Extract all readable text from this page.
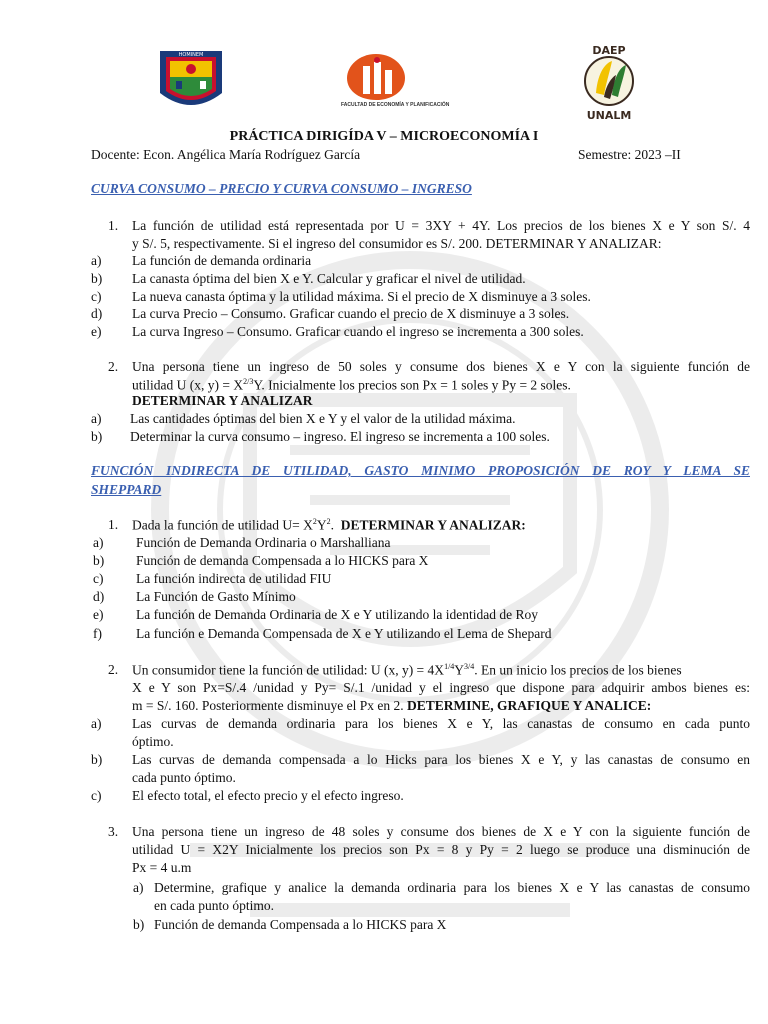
HOMINEM
FACULTAD DE ECONOMÍA Y PLANIFICACIÓN
DAEP
UNALM
PRÁCTICA DIRIGÍDA V – MICROECONOMÍA I
Docente: Econ. Angélica María Rodríguez García	Semestre: 2023 –II
CURVA CONSUMO – PRECIO Y CURVA CONSUMO – INGRESO
1. La función de utilidad está representada por U = 3XY + 4Y. Los precios de los bienes X e Y son S/. 4
y S/. 5, respectivamente. Si el ingreso del consumidor es S/. 200. DETERMINAR Y ANALIZAR:
a) La función de demanda ordinaria
b) La canasta óptima del bien X e Y. Calcular y graficar el nivel de utilidad.
c) La nueva canasta óptima y la utilidad máxima. Si el precio de X disminuye a 3 soles.
d) La curva Precio – Consumo. Graficar cuando el precio de X disminuye a 3 soles.
e) La curva Ingreso – Consumo. Graficar cuando el ingreso se incrementa a 300 soles.
2. Una persona tiene un ingreso de 50 soles y consume dos bienes X e Y con la siguiente función de
utilidad U (x, $y) = X^{2/3}Y$. Inicialmente los precios son Px = 1 soles y Py = 2 soles.
DETERMINAR Y ANALIZAR
a) Las cantidades óptimas del bien X e Y y el valor de la utilidad máxima.
b) Determinar la curva consumo – ingreso. El ingreso se incrementa a 100 soles.
FUNCIÓN INDIRECTA DE UTILIDAD, GASTO MINIMO PROPOSICIÓN DE ROY Y LEMA SE
SHEPPARD
1. Dada la función de utilidad $U= X^2Y^2$. DETERMINAR Y ANALIZAR:
a) Función de Demanda Ordinaria o Marshalliana
b) Función de demanda Compensada a lo HICKS para X
c) La función indirecta de utilidad FIU
d) La Función de Gasto Mínimo
e) La función de Demanda Ordinaria de X e Y utilizando la identidad de Roy
f)	La función e Demanda Compensada de X e Y utilizando el Lema de Shepard
2. Un consumidor tiene la función de utilidad: U (x, $y) = 4X^{1/4}Y^{3/4}$. En un inicio los precios de los bienes
X e Y son Px=S/.4 /unidad y Py= S/.1 /unidad y el ingreso que dispone para adquirir ambos bienes es:
m = S/. 160. Posteriormente disminuye el Px en 2. DETERMINE, GRAFIQUE Y ANALICE:
a) Las curvas de demanda ordinaria para los bienes X e Y, las canastas de consumo en cada punto
óptimo.
b) Las curvas de demanda compensada a lo Hicks para los bienes X e Y, y las canastas de consumo en
cada punto óptimo.
c) El efecto total, el efecto precio y el efecto ingreso.
3. Una persona tiene un ingreso de 48 soles y consume dos bienes de X e Y con la siguiente función de
utilidad U = X2Y Inicialmente los precios son Px = 8 y Py = 2 luego se produce una disminución de
Px = 4 u.m
a) Determine, grafique y analice la demanda ordinaria para los bienes X e Y las canastas de consumo
en cada punto óptimo.
b) Función de demanda Compensada a lo HICKS para X
